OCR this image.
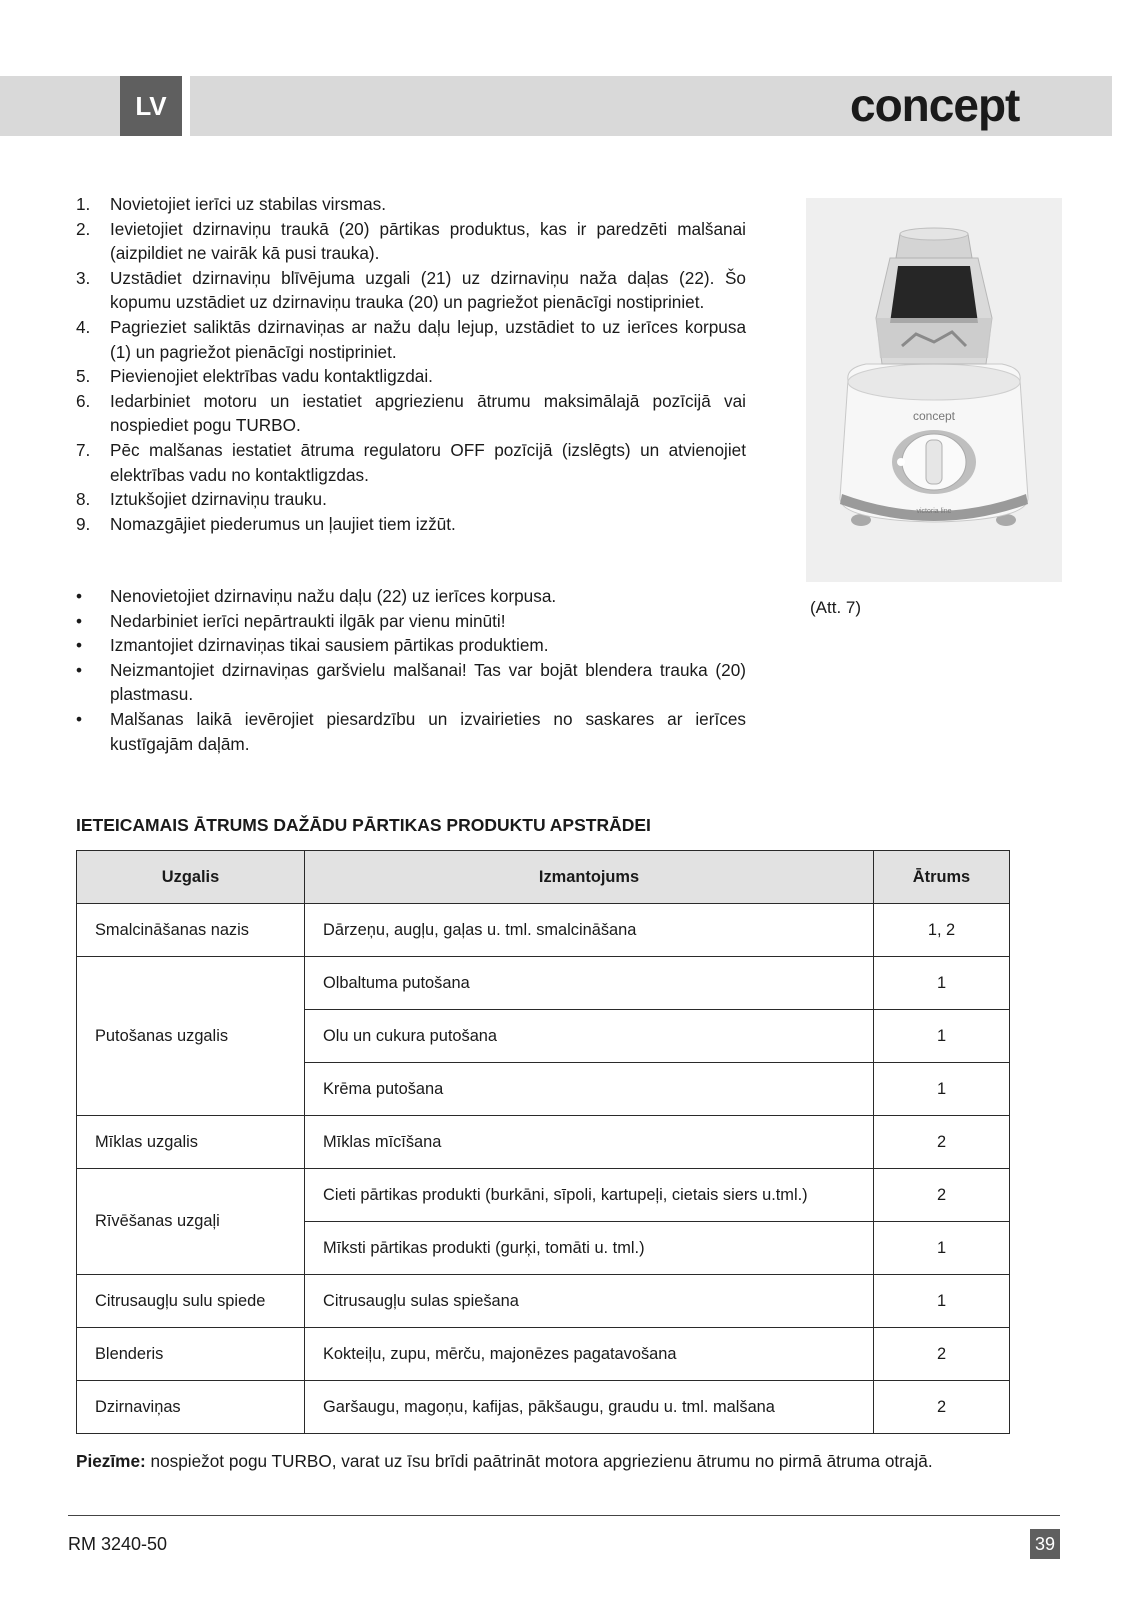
LV	concept
1. Novietojiet ierīci uz stabilas virsmas.
2. Ievietojiet dzirnaviņu traukā (20) pārtikas produktus, kas ir paredzēti malšanai (aizpildiet ne vairāk kā pusi trauka).
3. Uzstādiet dzirnaviņu blīvējuma uzgali (21) uz dzirnaviņu naža daļas (22). Šo kopumu uzstādiet uz dzirnaviņu trauka (20) un pagriežot pienācīgi nostipriniet.
4. Pagrieziet saliktās dzirnaviņas ar nažu daļu lejup, uzstādiet to uz ierīces korpusa (1) un pagriežot pienācīgi nostipriniet.
5. Pievienojiet elektrības vadu kontaktligzdai.
6. Iedarbiniet motoru un iestatiet apgriezienu ātrumu maksimālajā pozīcijā vai nospiediet pogu TURBO.
7. Pēc malšanas iestatiet ātruma regulatoru OFF pozīcijā (izslēgts) un atvienojiet elektrības vadu no kontaktligzdas.
8. Iztukšojiet dzirnaviņu trauku.
9. Nomazgājiet piederumus un ļaujiet tiem izžūt.
• Nenovietojiet dzirnaviņu nažu daļu (22) uz ierīces korpusa.
• Nedarbiniet ierīci nepārtraukti ilgāk par vienu minūti!
• Izmantojiet dzirnaviņas tikai sausiem pārtikas produktiem.
• Neizmantojiet dzirnaviņas garšvielu malšanai! Tas var bojāt blendera trauka (20) plastmasu.
• Malšanas laikā ievērojiet piesardzību un izvairieties no saskares ar ierīces kustīgajām daļām.
concept
victoria line
(Att. 7)
IETEICAMAIS ĀTRUMS DAŽĀDU PĀRTIKAS PRODUKTU APSTRĀDEI
Uzgalis	Izmantojums	Ātrums
Smalcināšanas nazis	Dārzeņu, augļu, gaļas u. tml. smalcināšana	1, 2
Putošanas uzgalis	Olbaltuma putošana	1
	Olu un cukura putošana	1
	Krēma putošana	1
Mīklas uzgalis	Mīklas mīcīšana	2
Rīvēšanas uzgaļi	Cieti pārtikas produkti (burkāni, sīpoli, kartupeļi, cietais siers u.tml.)	2
	Mīksti pārtikas produkti (gurķi, tomāti u. tml.)	1
Citrusaugļu sulu spiede	Citrusaugļu sulas spiešana	1
Blenderis	Kokteiļu, zupu, mērču, majonēzes pagatavošana	2
Dzirnaviņas	Garšaugu, magoņu, kafijas, pākšaugu, graudu u. tml. malšana	2
Piezīme: nospiežot pogu TURBO, varat uz īsu brīdi paātrināt motora apgriezienu ātrumu no pirmā ātruma otrajā.
RM 3240-50	39
